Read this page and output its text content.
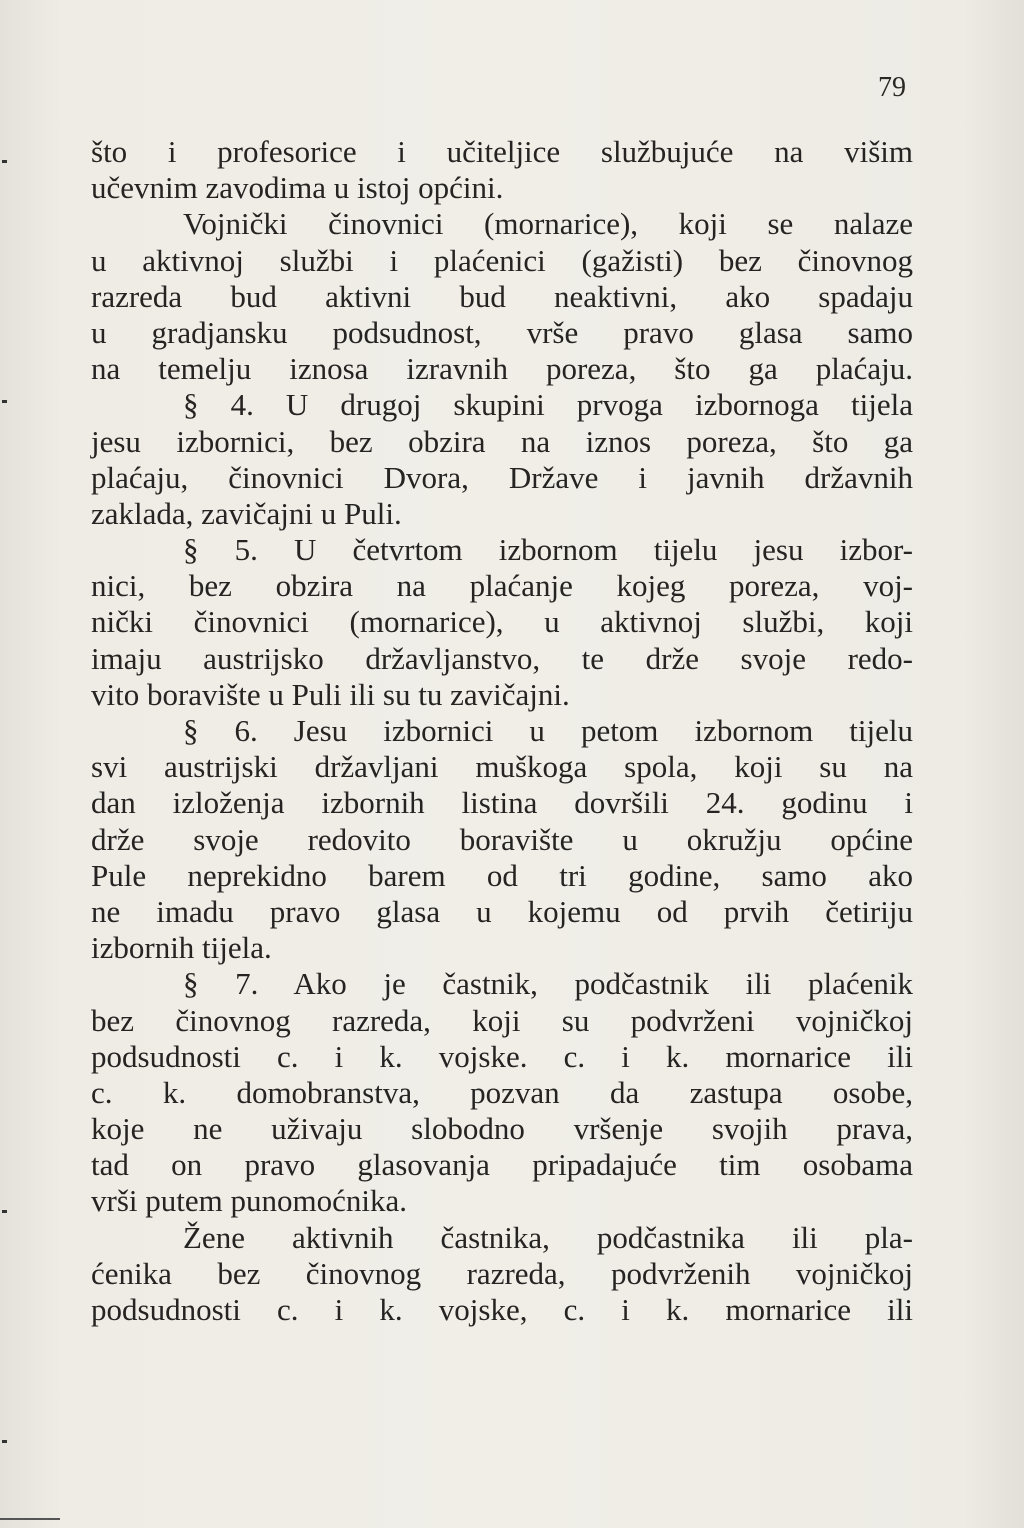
79
što i profesorice i učiteljice službujuće na višim
učevnim zavodima u istoj općini.
Vojnički činovnici (mornarice), koji se nalaze
u aktivnoj službi i plaćenici (gažisti) bez činovnog
razreda bud aktivni bud neaktivni, ako spadaju
u gradjansku podsudnost, vrše pravo glasa samo
na temelju iznosa izravnih poreza, što ga plaćaju.
§ 4. U drugoj skupini prvoga izbornoga tijela
jesu izbornici, bez obzira na iznos poreza, što ga
plaćaju, činovnici Dvora, Države i javnih državnih
zaklada, zavičajni u Puli.
§ 5. U četvrtom izbornom tijelu jesu izbor-
nici, bez obzira na plaćanje kojeg poreza, voj-
nički činovnici (mornarice), u aktivnoj službi, koji
imaju austrijsko državljanstvo, te drže svoje redo-
vito boravište u Puli ili su tu zavičajni.
§ 6. Jesu izbornici u petom izbornom tijelu
svi austrijski državljani muškoga spola, koji su na
dan izloženja izbornih listina dovršili 24. godinu i
drže svoje redovito boravište u okružju općine
Pule neprekidno barem od tri godine, samo ako
ne imadu pravo glasa u kojemu od prvih četiriju
izbornih tijela.
§ 7. Ako je častnik, podčastnik ili plaćenik
bez činovnog razreda, koji su podvrženi vojničkoj
podsudnosti c. i k. vojske. c. i k. mornarice ili
c. k. domobranstva, pozvan da zastupa osobe,
koje ne uživaju slobodno vršenje svojih prava,
tad on pravo glasovanja pripadajuće tim osobama
vrši putem punomoćnika.
Žene aktivnih častnika, podčastnika ili pla-
ćenika bez činovnog razreda, podvrženih vojničkoj
podsudnosti c. i k. vojske, c. i k. mornarice ili
